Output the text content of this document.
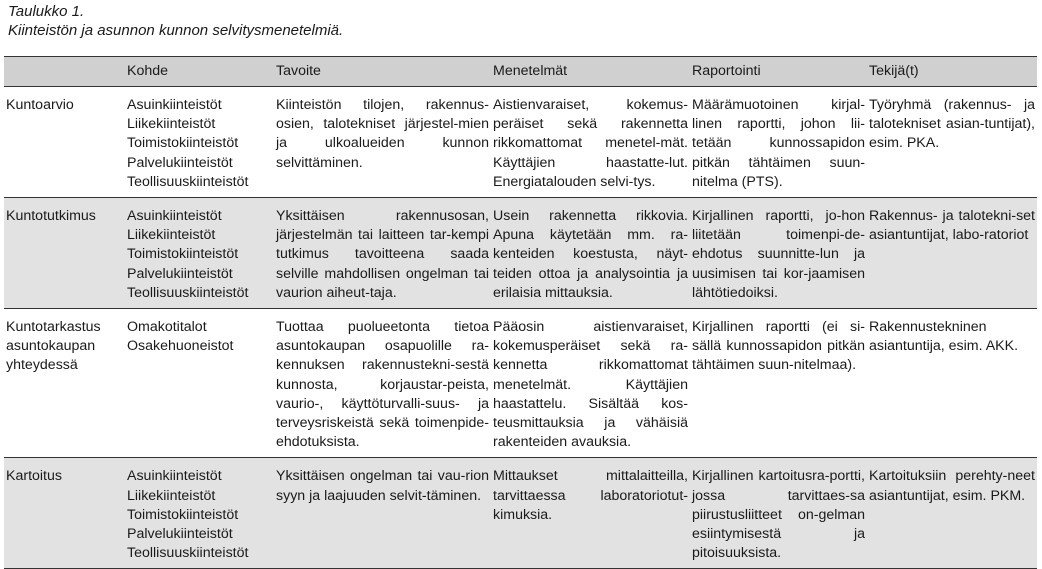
Taulukko 1.
Kiinteistön ja asunnon kunnon selvitysmenetelmiä.
	Kohde	Tavoite	Menetelmät	Raportointi	Tekijä(t)
Kuntoarvio	Asuinkiinteistöt
Liikekiinteistöt
Toimistokiinteistöt
Palvelukiinteistöt
Teollisuuskiinteistöt	Kiinteistön tilojen, rakennus-osien, talotekniset järjestel-mien ja ulkoalueiden kunnon selvittäminen.	Aistienvaraiset, kokemus-peräiset sekä rakennetta rikkomattomat menetel-mät. Käyttäjien haastatte-lut. Energiatalouden selvi-tys.	Määrämuotoinen kirjal-linen raportti, johon lii-tetään kunnossapidon pitkän tähtäimen suun-nitelma (PTS).	Työryhmä (rakennus- ja talotekniset asian-tuntijat), esim. PKA.
Kuntotutkimus	Asuinkiinteistöt
Liikekiinteistöt
Toimistokiinteistöt
Palvelukiinteistöt
Teollisuuskiinteistöt	Yksittäisen rakennusosan, järjestelmän tai laitteen tar-kempi tutkimus tavoitteena saada selville mahdollisen ongelman tai vaurion aiheut-taja.	Usein rakennetta rikkovia. Apuna käytetään mm. ra-kenteiden koestusta, näyt-teiden ottoa ja analysointia ja erilaisia mittauksia.	Kirjallinen raportti, jo-hon liitetään toimenpi-de-ehdotus suunnitte-lun ja uusimisen tai kor-jaamisen lähtötiedoiksi.	Rakennus- ja talotekni-set asiantuntijat, labo-ratoriot
Kuntotarkastus asuntokaupan yhteydessä	Omakotitalot
Osakehuoneistot	Tuottaa puolueetonta tietoa asuntokaupan osapuolille ra-kennuksen rakennustekni-sestä kunnosta, korjaustar-peista, vaurio-, käyttöturvalli-suus- ja terveysriskeistä sekä toimenpide-ehdotuksista.	Pääosin aistienvaraiset, kokemusperäiset sekä ra-kennetta rikkomattomat menetelmät. Käyttäjien haastattelu. Sisältää kos-teusmittauksia ja vähäisiä rakenteiden avauksia.	Kirjallinen raportti (ei si-sällä kunnossapidon pitkän tähtäimen suun-nitelmaa).	Rakennustekninen asiantuntija, esim. AKK.
Kartoitus	Asuinkiinteistöt
Liikekiinteistöt
Toimistokiinteistöt
Palvelukiinteistöt
Teollisuuskiinteistöt	Yksittäisen ongelman tai vau-rion syyn ja laajuuden selvit-täminen.	Mittaukset mittalaitteilla, tarvittaessa laboratoriotut-kimuksia.	Kirjallinen kartoitusra-portti, jossa tarvittaes-sa piirustusliitteet on-gelman esiintymisestä ja pitoisuuksista.	Kartoituksiin perehty-neet asiantuntijat, esim. PKM.
